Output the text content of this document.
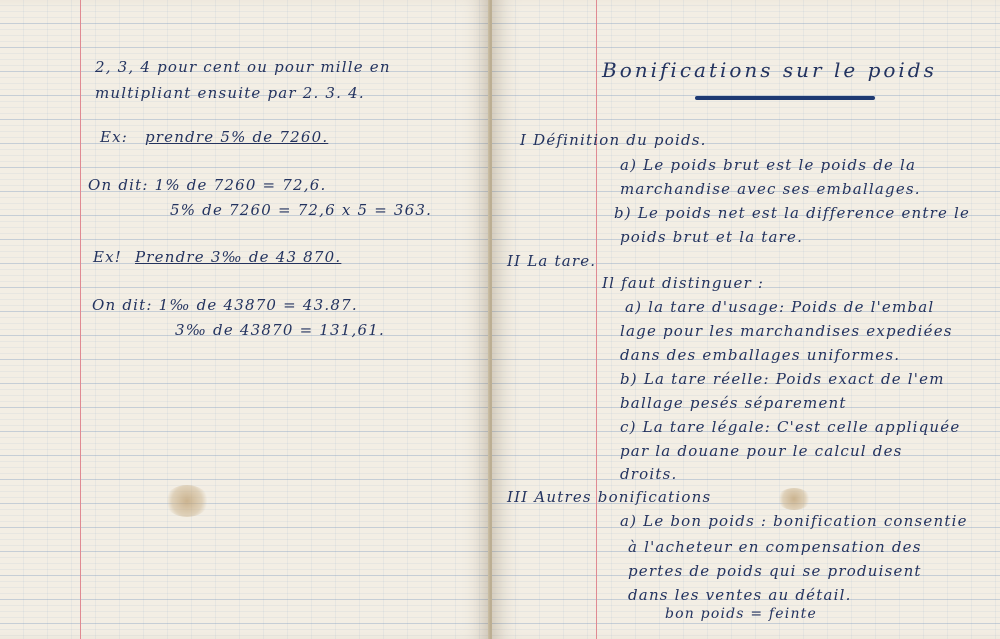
2, 3, 4 pour cent ou pour mille en
multipliant ensuite par 2. 3. 4.
Ex: prendre 5% de 7260.
On dit: 1% de 7260 = 72,6.
5% de 7260 = 72,6 x 5 = 363.
Ex! Prendre 3‰ de 43 870.
On dit: 1‰ de 43870 = 43.87.
3‰ de 43870 = 131,61.
Bonifications sur le poids
I Définition du poids.
a) Le poids brut est le poids de la
marchandise avec ses emballages.
b) Le poids net est la difference entre le
poids brut et la tare.
II La tare.
Il faut distinguer :
a) la tare d'usage: Poids de l'embal
lage pour les marchandises expediées
dans des emballages uniformes.
b) La tare réelle: Poids exact de l'em
ballage pesés séparement
c) La tare légale: C'est celle appliquée
par la douane pour le calcul des
droits.
III Autres bonifications
a) Le bon poids : bonification consentie
à l'acheteur en compensation des
pertes de poids qui se produisent
dans les ventes au détail.
bon poids = feinte
